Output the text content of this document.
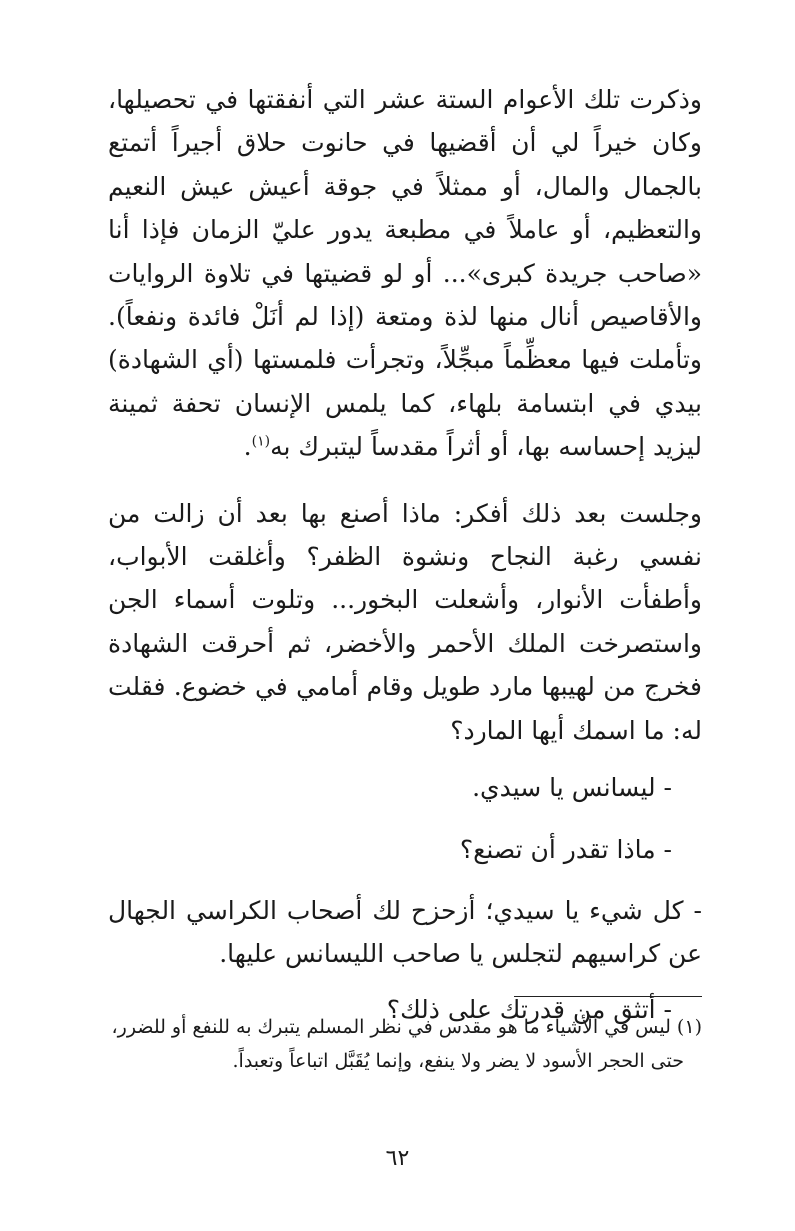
وذكرت تلك الأعوام الستة عشر التي أنفقتها في تحصيلها، وكان خيراً لي أن أقضيها في حانوت حلاق أجيراً أتمتع بالجمال والمال، أو ممثلاً في جوقة أعيش عيش النعيم والتعظيم، أو عاملاً في مطبعة يدور عليّ الزمان فإذا أنا «صاحب جريدة كبرى»... أو لو قضيتها في تلاوة الروايات والأقاصيص أنال منها لذة ومتعة (إذا لم أنَلْ فائدة ونفعاً). وتأملت فيها معظِّماً مبجِّلاً، وتجرأت فلمستها (أي الشهادة) بيدي في ابتسامة بلهاء، كما يلمس الإنسان تحفة ثمينة ليزيد إحساسه بها، أو أثراً مقدساً ليتبرك به$^{(١)}$.

وجلست بعد ذلك أفكر: ماذا أصنع بها بعد أن زالت من نفسي رغبة النجاح ونشوة الظفر؟ وأغلقت الأبواب، وأطفأت الأنوار، وأشعلت البخور... وتلوت أسماء الجن واستصرخت الملك الأحمر والأخضر، ثم أحرقت الشهادة فخرج من لهيبها مارد طويل وقام أمامي في خضوع. فقلت له: ما اسمك أيها المارد؟

- ليسانس يا سيدي.

- ماذا تقدر أن تصنع؟

- كل شيء يا سيدي؛ أزحزح لك أصحاب الكراسي الجهال عن كراسيهم لتجلس يا صاحب الليسانس عليها.

- أتثق من قدرتك على ذلك؟

(١) ليس في الأشياء ما هو مقدس في نظر المسلم يتبرك به للنفع أو للضرر،

حتى الحجر الأسود لا يضر ولا ينفع، وإنما يُقَبَّل اتباعاً وتعبداً.

٦٢
